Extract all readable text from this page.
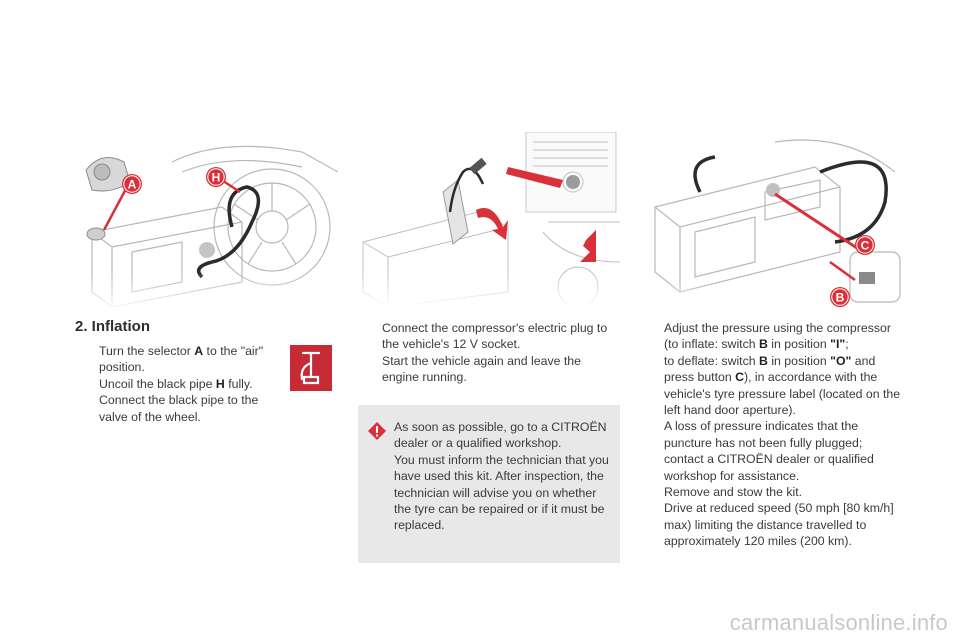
A	H
C
B
2. Inflation

Turn the selector A to the "air"

position.

Uncoil the black pipe H fully.

Connect the black pipe to the

valve of the wheel.

Connect the compressor's electric plug to

the vehicle's 12 V socket.

Start the vehicle again and leave the

engine running.

As soon as possible, go to a CITROËN

dealer or a qualified workshop.

You must inform the technician that you

have used this kit. After inspection, the

technician will advise you on whether

the tyre can be repaired or if it must be

replaced.

Adjust the pressure using the compressor

(to inflate: switch B in position "I";

to deflate: switch B in position "O" and

press button C), in accordance with the

vehicle's tyre pressure label (located on the

left hand door aperture).

A loss of pressure indicates that the

puncture has not been fully plugged;

contact a CITROËN dealer or qualified

workshop for assistance.

Remove and stow the kit.

Drive at reduced speed (50 mph [80 km/h]

max) limiting the distance travelled to

approximately 120 miles (200 km).

carmanualsonline.info
